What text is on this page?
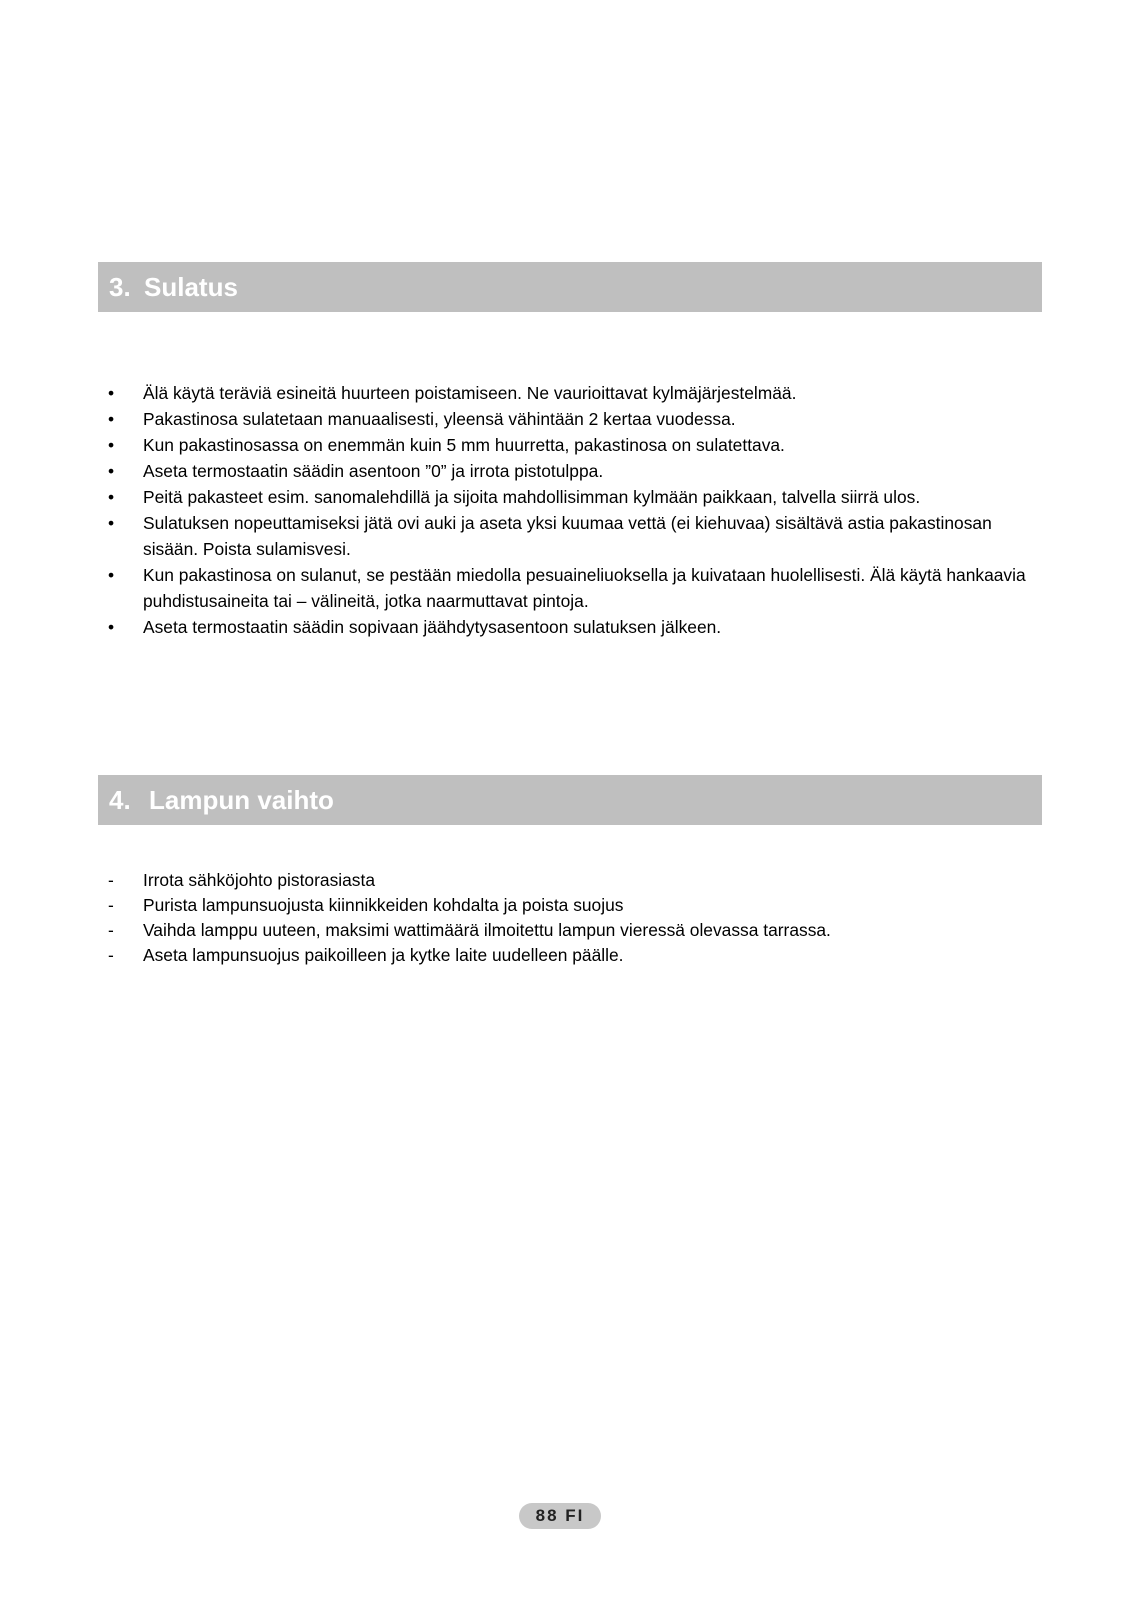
3. Sulatus
• Älä käytä teräviä esineitä huurteen poistamiseen. Ne vaurioittavat kylmäjärjestelmää.
• Pakastinosa sulatetaan manuaalisesti, yleensä vähintään 2 kertaa vuodessa.
• Kun pakastinosassa on enemmän kuin 5 mm huurretta, pakastinosa on sulatettava.
• Aseta termostaatin säädin asentoon ”0” ja irrota pistotulppa.
• Peitä pakasteet esim. sanomalehdillä ja sijoita mahdollisimman kylmään paikkaan, talvella siirrä ulos.
• Sulatuksen nopeuttamiseksi jätä ovi auki ja aseta yksi kuumaa vettä (ei kiehuvaa) sisältävä astia pakastinosan sisään. Poista sulamisvesi.
• Kun pakastinosa on sulanut, se pestään miedolla pesuaineliuoksella ja kuivataan huolellisesti. Älä käytä hankaavia puhdistusaineita tai – välineitä, jotka naarmuttavat pintoja.
• Aseta termostaatin säädin sopivaan jäähdytysasentoon sulatuksen jälkeen.
4. Lampun vaihto
- Irrota sähköjohto pistorasiasta
- Purista lampunsuojusta kiinnikkeiden kohdalta ja poista suojus
- Vaihda lamppu uuteen, maksimi wattimäärä ilmoitettu lampun vieressä olevassa tarrassa.
- Aseta lampunsuojus paikoilleen ja kytke laite uudelleen päälle.
88 FI
